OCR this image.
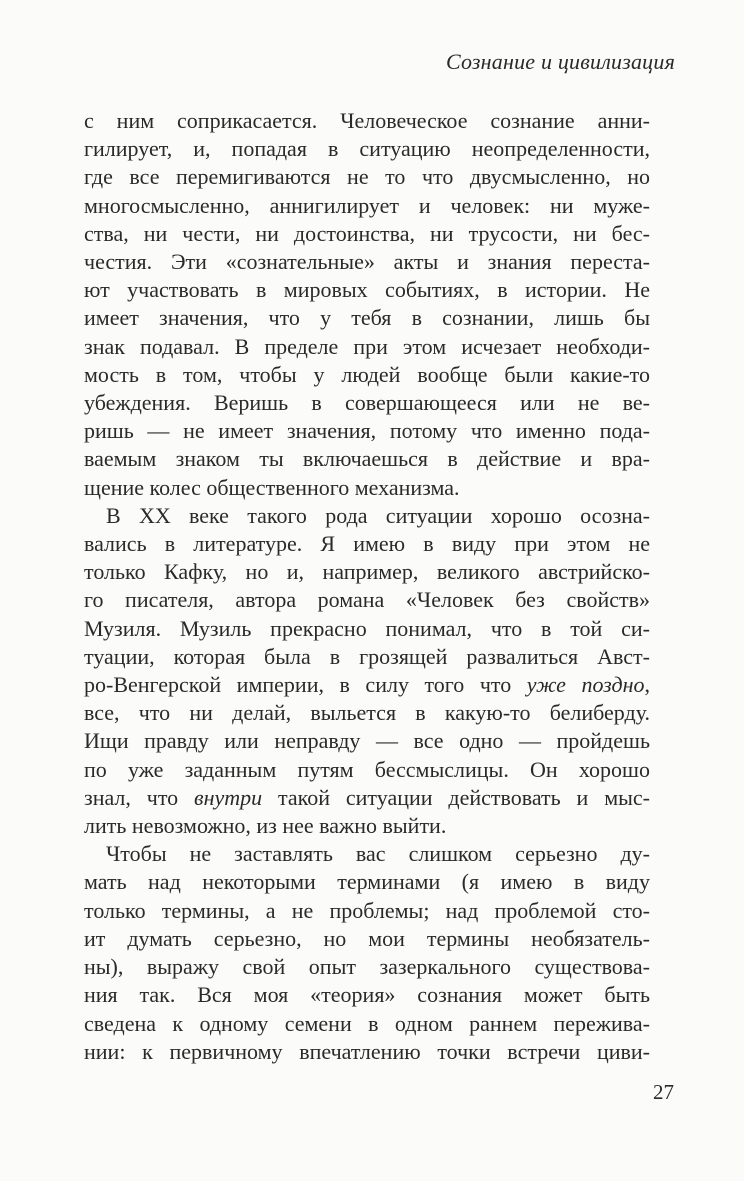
Сознание и цивилизация
с ним соприкасается. Человеческое сознание анни-
гилирует, и, попадая в ситуацию неопределенности,
где все перемигиваются не то что двусмысленно, но
многосмысленно, аннигилирует и человек: ни муже-
ства, ни чести, ни достоинства, ни трусости, ни бес-
честия. Эти «сознательные» акты и знания переста-
ют участвовать в мировых событиях, в истории. Не
имеет значения, что у тебя в сознании, лишь бы
знак подавал. В пределе при этом исчезает необходи-
мость в том, чтобы у людей вообще были какие-то
убеждения. Веришь в совершающееся или не ве-
ришь — не имеет значения, потому что именно пода-
ваемым знаком ты включаешься в действие и вра-
щение колес общественного механизма.
В ХХ веке такого рода ситуации хорошо осозна-
вались в литературе. Я имею в виду при этом не
только Кафку, но и, например, великого австрийско-
го писателя, автора романа «Человек без свойств»
Музиля. Музиль прекрасно понимал, что в той си-
туации, которая была в грозящей развалиться Авст-
ро-Венгерской империи, в силу того что уже поздно,
все, что ни делай, выльется в какую-то белиберду.
Ищи правду или неправду — все одно — пройдешь
по уже заданным путям бессмыслицы. Он хорошо
знал, что внутри такой ситуации действовать и мыс-
лить невозможно, из нее важно выйти.
Чтобы не заставлять вас слишком серьезно ду-
мать над некоторыми терминами (я имею в виду
только термины, а не проблемы; над проблемой сто-
ит думать серьезно, но мои термины необязатель-
ны), выражу свой опыт зазеркального существова-
ния так. Вся моя «теория» сознания может быть
сведена к одному семени в одном раннем пережива-
нии: к первичному впечатлению точки встречи циви-
27
